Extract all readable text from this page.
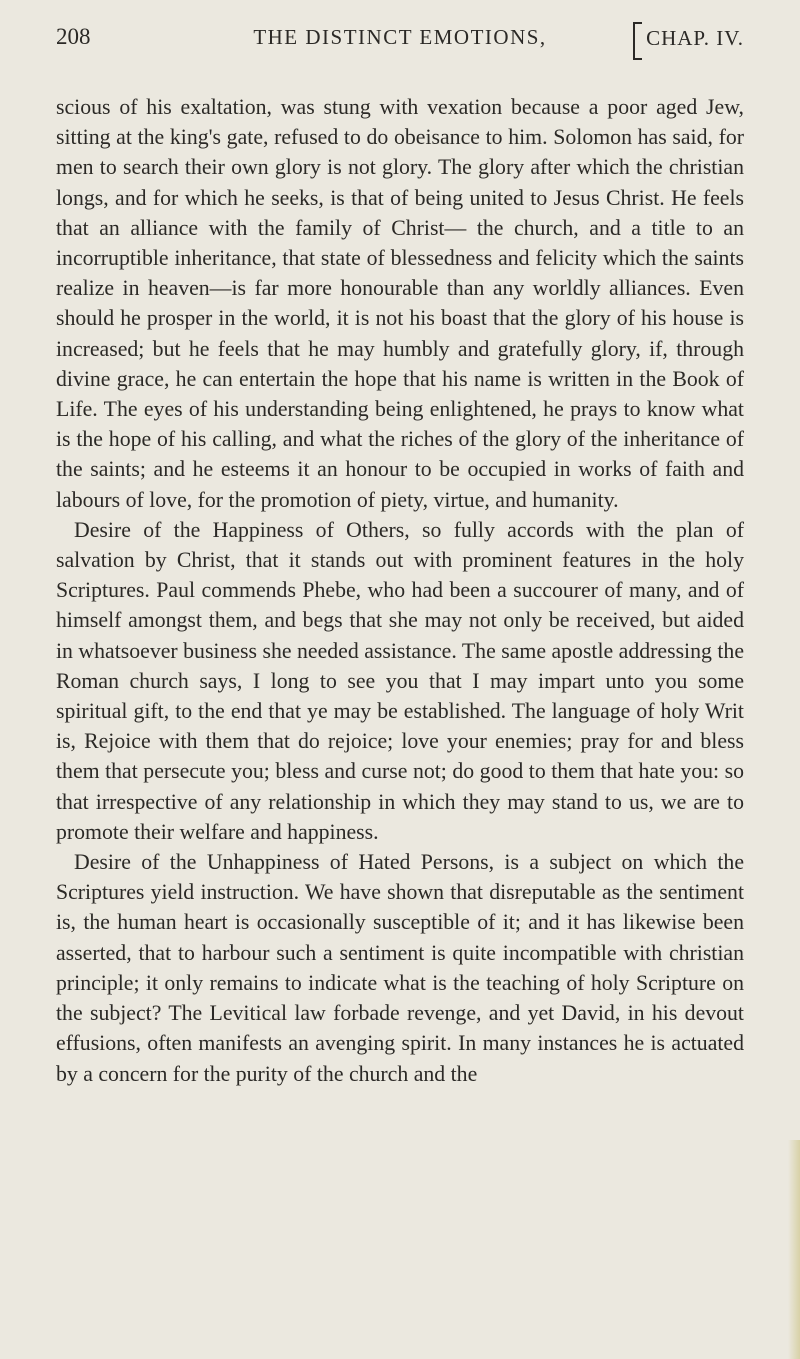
208	THE DISTINCT EMOTIONS,	CHAP. IV.

scious of his exaltation, was stung with vexation because a poor aged Jew, sitting at the king's gate, refused to do obeisance to him. Solomon has said, for men to search their own glory is not glory. The glory after which the christian longs, and for which he seeks, is that of being united to Jesus Christ. He feels that an alliance with the family of Christ— the church, and a title to an incorruptible inheritance, that state of blessedness and felicity which the saints realize in heaven—is far more honourable than any worldly alliances. Even should he prosper in the world, it is not his boast that the glory of his house is increased; but he feels that he may humbly and gratefully glory, if, through divine grace, he can entertain the hope that his name is written in the Book of Life. The eyes of his understanding being enlightened, he prays to know what is the hope of his calling, and what the riches of the glory of the inheritance of the saints; and he esteems it an honour to be occupied in works of faith and labours of love, for the promotion of piety, virtue, and humanity.

Desire of the Happiness of Others, so fully accords with the plan of salvation by Christ, that it stands out with prominent features in the holy Scriptures. Paul commends Phebe, who had been a succourer of many, and of himself amongst them, and begs that she may not only be received, but aided in whatsoever business she needed assistance. The same apostle addressing the Roman church says, I long to see you that I may impart unto you some spiritual gift, to the end that ye may be established. The language of holy Writ is, Rejoice with them that do rejoice; love your enemies; pray for and bless them that persecute you; bless and curse not; do good to them that hate you: so that irrespective of any relationship in which they may stand to us, we are to promote their welfare and happiness.

Desire of the Unhappiness of Hated Persons, is a subject on which the Scriptures yield instruction. We have shown that disreputable as the sentiment is, the human heart is occasionally susceptible of it; and it has likewise been asserted, that to harbour such a sentiment is quite incompatible with christian principle; it only remains to indicate what is the teaching of holy Scripture on the subject? The Levitical law forbade revenge, and yet David, in his devout effusions, often manifests an avenging spirit. In many instances he is actuated by a concern for the purity of the church and the
